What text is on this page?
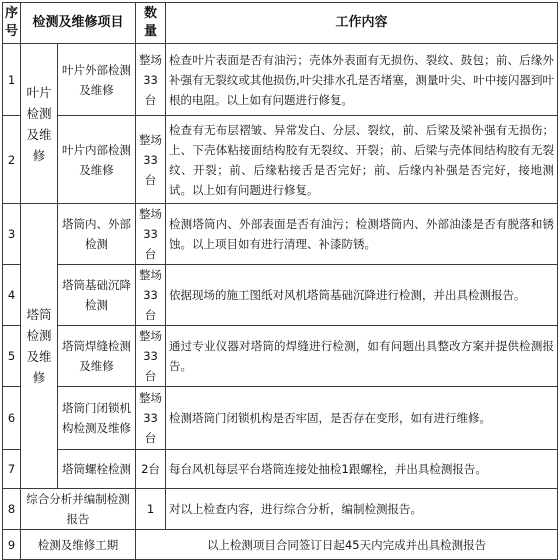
序号	检测及维修项目		数量	工作内容
1	叶片检测及维修	叶片外部检测及维修	整场33台	检查叶片表面是否有油污；壳体外表面有无损伤、裂纹、鼓包；前、后缘外补强有无裂纹或其他损伤,叶尖排水孔是否堵塞，测量叶尖、叶中接闪器到叶根的电阻。以上如有问题进行修复。
2		叶片内部检测及维修	整场33台	检查有无布层褶皱、异常发白、分层、裂纹，前、后梁及梁补强有无损伤；上、下壳体粘接面结构胶有无裂纹、开裂；前、后梁与壳体间结构胶有无裂纹、开裂；前、后缘粘接舌是否完好；前、后缘内补强是否完好，接地测试。以上如有问题进行修复。
3	塔筒检测及维修	塔筒内、外部检测	整场33台	检测塔筒内、外部表面是否有油污；检测塔筒内、外部油漆是否有脱落和锈蚀。以上项目如有进行清理、补漆防锈。
4		塔筒基础沉降检测	整场33台	依据现场的施工图纸对风机塔筒基础沉降进行检测，并出具检测报告。
5		塔筒焊缝检测及维修	整场33台	通过专业仪器对塔筒的焊缝进行检测，如有问题出具整改方案并提供检测报告。
6		塔筒门闭锁机构检测及维修	整场33台	检测塔筒门闭锁机构是否牢固，是否存在变形，如有进行维修。
7		塔筒螺栓检测	2台	每台风机每层平台塔筒连接处抽检1跟螺栓，并出具检测报告。
8	综合分析并编制检测报告		1	对以上检查内容，进行综合分析，编制检测报告。
9	检测及维修工期		以上检测项目合同签订日起45天内完成并出具检测报告	
